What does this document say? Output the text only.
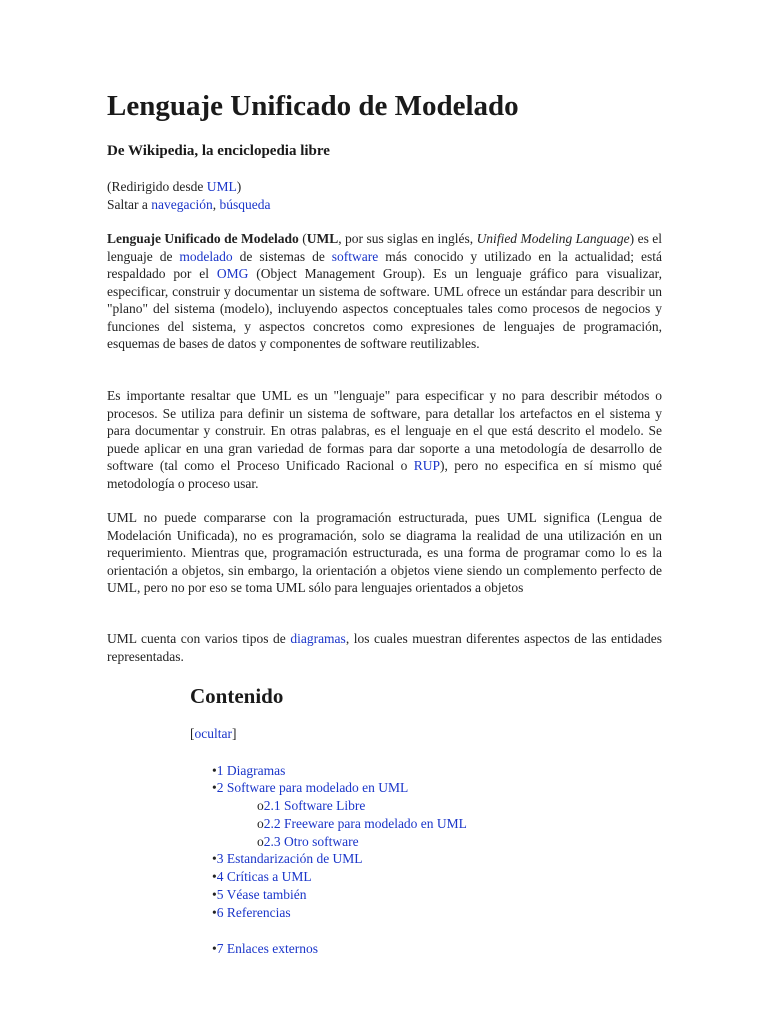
Lenguaje Unificado de Modelado

De Wikipedia, la enciclopedia libre

(Redirigido desde UML)
Saltar a navegación, búsqueda

Lenguaje Unificado de Modelado (UML, por sus siglas en inglés, Unified Modeling Language) es el lenguaje de modelado de sistemas de software más conocido y utilizado en la actualidad; está respaldado por el OMG (Object Management Group). Es un lenguaje gráfico para visualizar, especificar, construir y documentar un sistema de software. UML ofrece un estándar para describir un "plano" del sistema (modelo), incluyendo aspectos conceptuales tales como procesos de negocios y funciones del sistema, y aspectos concretos como expresiones de lenguajes de programación, esquemas de bases de datos y componentes de software reutilizables.

Es importante resaltar que UML es un "lenguaje" para especificar y no para describir métodos o procesos. Se utiliza para definir un sistema de software, para detallar los artefactos en el sistema y para documentar y construir. En otras palabras, es el lenguaje en el que está descrito el modelo. Se puede aplicar en una gran variedad de formas para dar soporte a una metodología de desarrollo de software (tal como el Proceso Unificado Racional o RUP), pero no especifica en sí mismo qué metodología o proceso usar.

UML no puede compararse con la programación estructurada, pues UML significa (Lengua de Modelación Unificada), no es programación, solo se diagrama la realidad de una utilización en un requerimiento. Mientras que, programación estructurada, es una forma de programar como lo es la orientación a objetos, sin embargo, la orientación a objetos viene siendo un complemento perfecto de UML, pero no por eso se toma UML sólo para lenguajes orientados a objetos

UML cuenta con varios tipos de diagramas, los cuales muestran diferentes aspectos de las entidades representadas.

Contenido
[ocultar]
•1 Diagramas
•2 Software para modelado en UML
o2.1 Software Libre
o2.2 Freeware para modelado en UML
o2.3 Otro software
•3 Estandarización de UML
•4 Críticas a UML
•5 Véase también
•6 Referencias
•7 Enlaces externos
